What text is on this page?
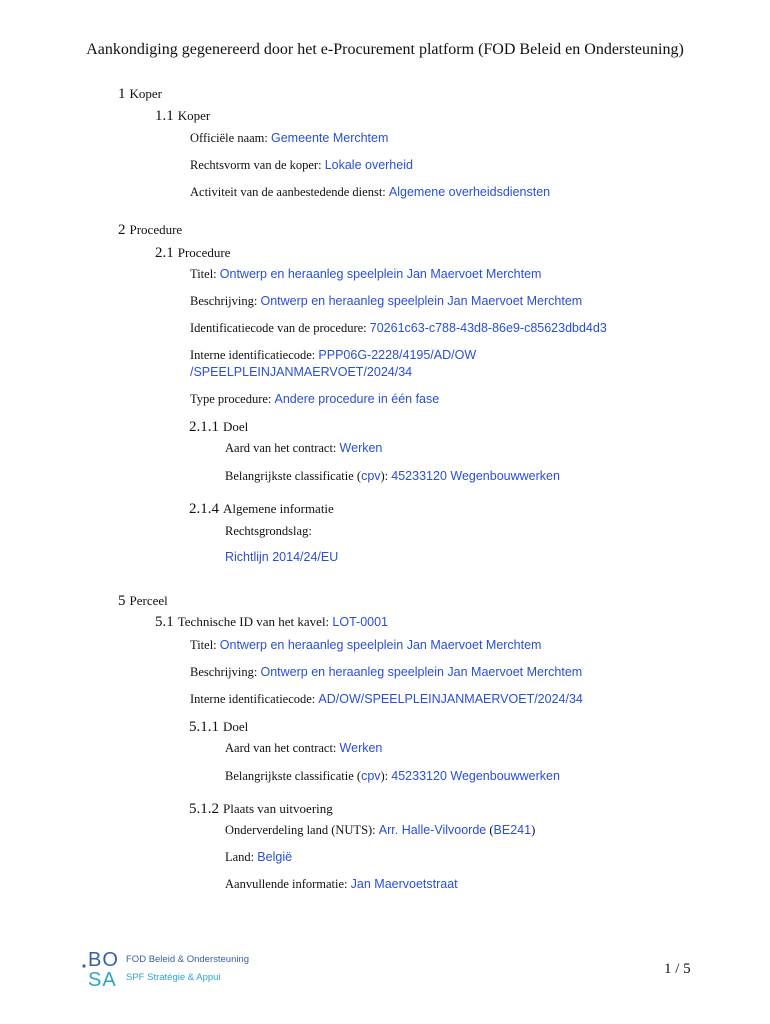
Aankondiging gegenereerd door het e-Procurement platform (FOD Beleid en Ondersteuning)
1 Koper
1.1 Koper
Officiële naam: Gemeente Merchtem
Rechtsvorm van de koper: Lokale overheid
Activiteit van de aanbestedende dienst: Algemene overheidsdiensten
2 Procedure
2.1 Procedure
Titel: Ontwerp en heraanleg speelplein Jan Maervoet Merchtem
Beschrijving: Ontwerp en heraanleg speelplein Jan Maervoet Merchtem
Identificatiecode van de procedure: 70261c63-c788-43d8-86e9-c85623dbd4d3
Interne identificatiecode: PPP06G-2228/4195/AD/OW
/SPEELPLEINJANMAERVOET/2024/34
Type procedure: Andere procedure in één fase
2.1.1 Doel
Aard van het contract: Werken
Belangrijkste classificatie (cpv): 45233120 Wegenbouwwerken
2.1.4 Algemene informatie
Rechtsgrondslag:
Richtlijn 2014/24/EU
5 Perceel
5.1 Technische ID van het kavel: LOT-0001
Titel: Ontwerp en heraanleg speelplein Jan Maervoet Merchtem
Beschrijving: Ontwerp en heraanleg speelplein Jan Maervoet Merchtem
Interne identificatiecode: AD/OW/SPEELPLEINJANMAERVOET/2024/34
5.1.1 Doel
Aard van het contract: Werken
Belangrijkste classificatie (cpv): 45233120 Wegenbouwwerken
5.1.2 Plaats van uitvoering
Onderverdeling land (NUTS): Arr. Halle-Vilvoorde (BE241)
Land: België
Aanvullende informatie: Jan Maervoetstraat
BO
SA
FOD Beleid & Ondersteuning
SPF Stratégie & Appui
1 / 5
